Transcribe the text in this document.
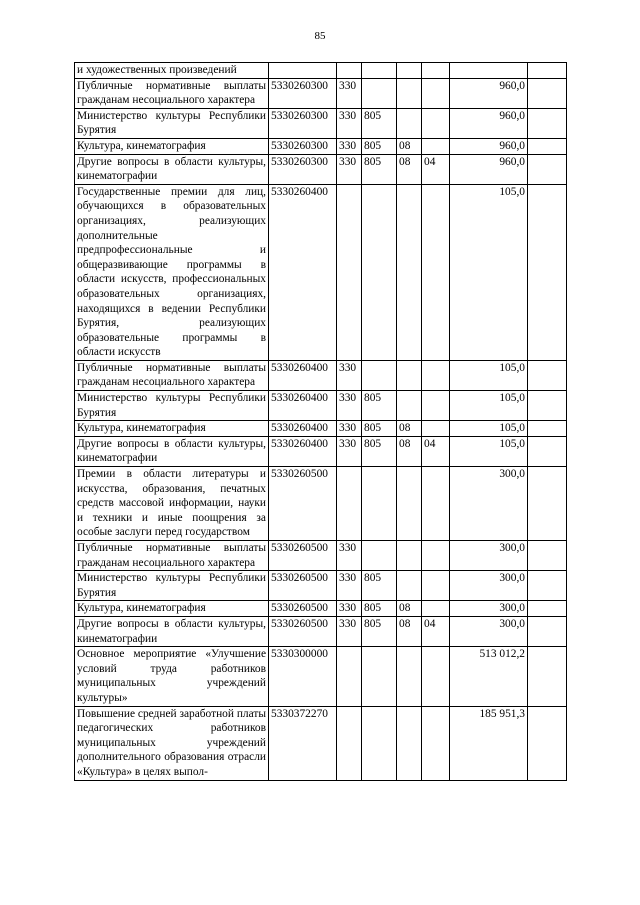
85
и художественных произведений							
Публичные нормативные выплаты гражданам несоциального характера	5330260300	330				960,0	
Министерство культуры Республики Бурятия	5330260300	330	805			960,0	
Культура, кинематография	5330260300	330	805	08		960,0	
Другие вопросы в области культуры, кинематографии	5330260300	330	805	08	04	960,0	
Государственные премии для лиц, обучающихся в образовательных организациях, реализующих дополнительные предпрофессиональные и общеразвивающие программы в области искусств, профессиональных образовательных организациях, находящихся в ведении Республики Бурятия, реализующих образовательные программы в области искусств	5330260400					105,0	
Публичные нормативные выплаты гражданам несоциального характера	5330260400	330				105,0	
Министерство культуры Республики Бурятия	5330260400	330	805			105,0	
Культура, кинематография	5330260400	330	805	08		105,0	
Другие вопросы в области культуры, кинематографии	5330260400	330	805	08	04	105,0	
Премии в области литературы и искусства, образования, печатных средств массовой информации, науки и техники и иные поощрения за особые заслуги перед государством	5330260500					300,0	
Публичные нормативные выплаты гражданам несоциального характера	5330260500	330				300,0	
Министерство культуры Республики Бурятия	5330260500	330	805			300,0	
Культура, кинематография	5330260500	330	805	08		300,0	
Другие вопросы в области культуры, кинематографии	5330260500	330	805	08	04	300,0	
Основное мероприятие «Улучшение условий труда работников муниципальных учреждений культуры»	5330300000					513 012,2	
Повышение средней заработной платы педагогических работников муниципальных учреждений дополнительного образования отрасли «Культура» в целях выпол-	5330372270					185 951,3	
